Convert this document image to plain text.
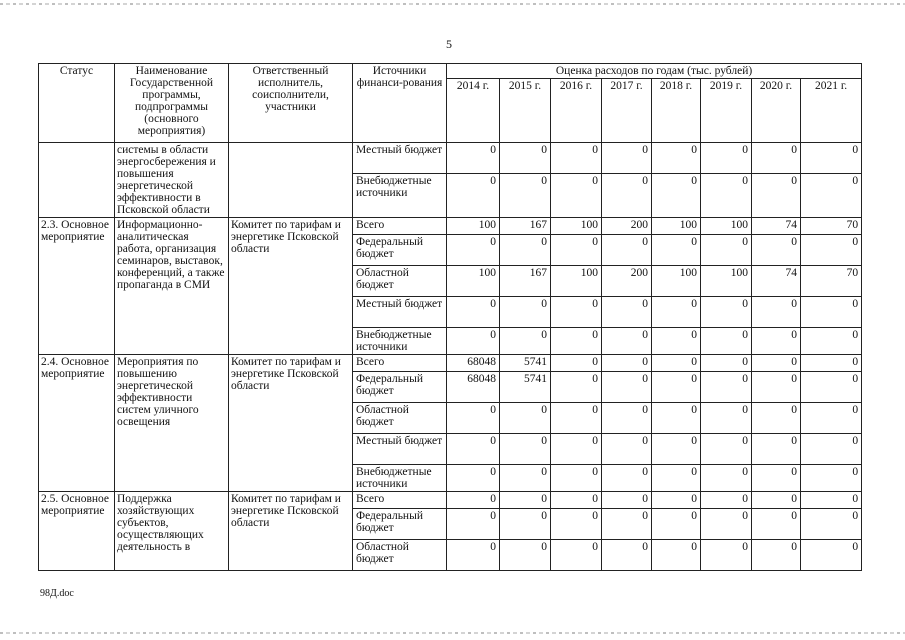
5
Статус	Наименование Государственной программы, подпрограммы (основного мероприятия)	Ответственный исполнитель, соисполнители, участники	Источники финанси-рования	Оценка расходов по годам (тыс. рублей)							
				2014 г.	2015 г.	2016 г.	2017 г.	2018 г.	2019 г.	2020 г.	2021 г.
	системы в области энергосбережения и повышения энергетической эффективности в Псковской области		Местный бюджет	0	0	0	0	0	0	0	0
			Внебюджетные источники	0	0	0	0	0	0	0	0
2.3. Основное мероприятие	Информационно-аналитическая работа, организация семинаров, выставок, конференций, а также пропаганда в СМИ	Комитет по тарифам и энергетике Псковской области	Всего	100	167	100	200	100	100	74	70
			Федеральный бюджет	0	0	0	0	0	0	0	0
			Областной бюджет	100	167	100	200	100	100	74	70
			Местный бюджет	0	0	0	0	0	0	0	0
			Внебюджетные источники	0	0	0	0	0	0	0	0
2.4. Основное мероприятие	Мероприятия по повышению энергетической эффективности систем уличного освещения	Комитет по тарифам и энергетике Псковской области	Всего	68048	5741	0	0	0	0	0	0
			Федеральный бюджет	68048	5741	0	0	0	0	0	0
			Областной бюджет	0	0	0	0	0	0	0	0
			Местный бюджет	0	0	0	0	0	0	0	0
			Внебюджетные источники	0	0	0	0	0	0	0	0
2.5. Основное мероприятие	Поддержка хозяйствующих субъектов, осуществляющих деятельность в	Комитет по тарифам и энергетике Псковской области	Всего	0	0	0	0	0	0	0	0
			Федеральный бюджет	0	0	0	0	0	0	0	0
			Областной бюджет	0	0	0	0	0	0	0	0
98Д.doc
